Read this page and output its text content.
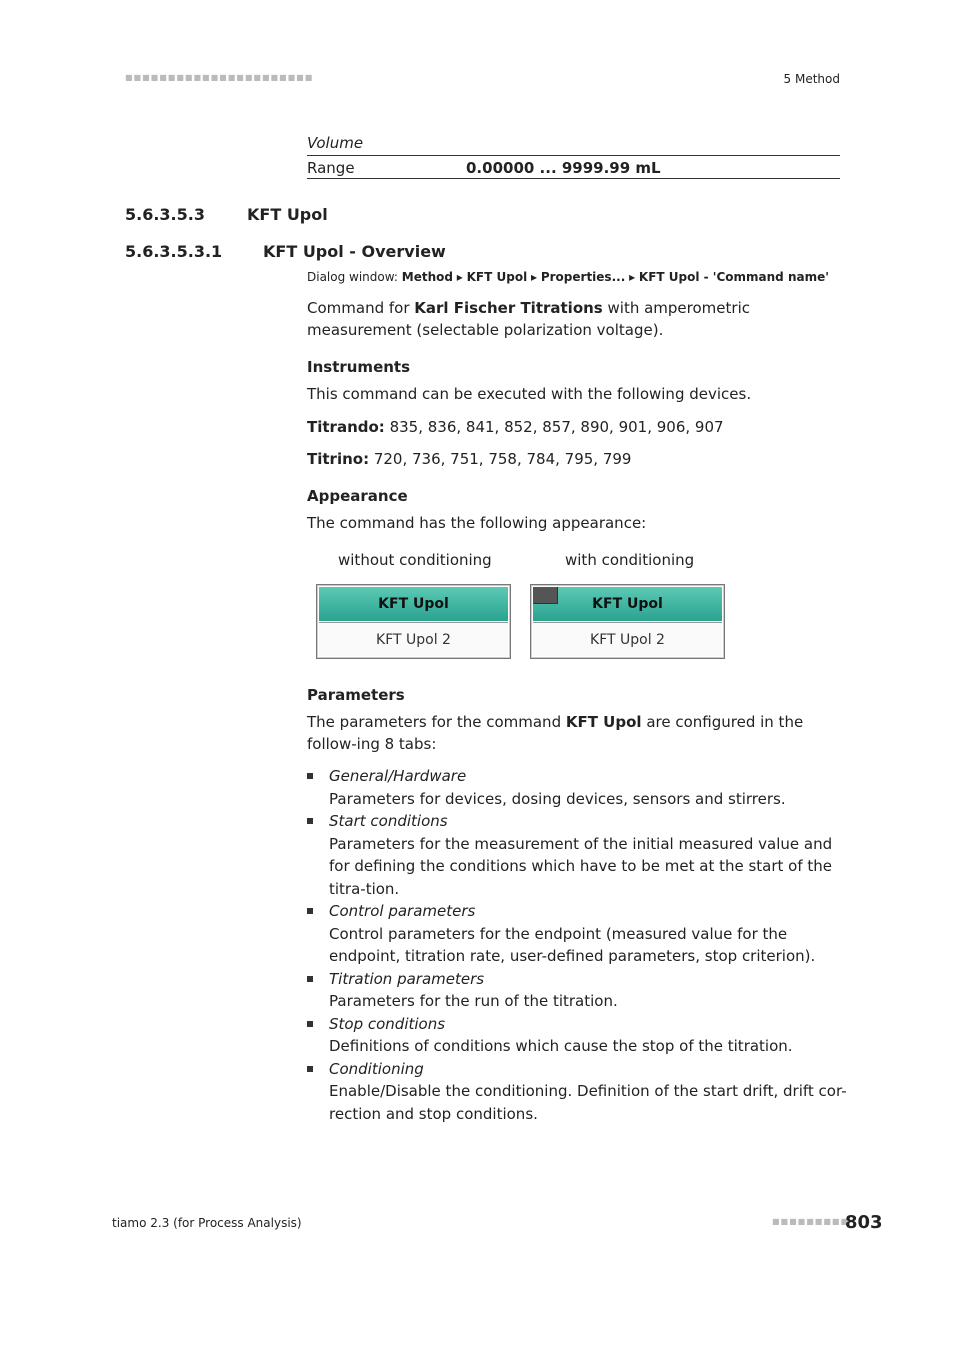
■■■■■■■■■■■■■■■■■■■■■■	5 Method
Volume
Range	0.00000 ... 9999.99 mL
5.6.3.5.3	KFT Upol
5.6.3.5.3.1	KFT Upol - Overview
Dialog window: Method ▸ KFT Upol ▸ Properties... ▸ KFT Upol - 'Command name'
Command for Karl Fischer Titrations with amperometric measurement (selectable polarization voltage).
Instruments
This command can be executed with the following devices.
Titrando: 835, 836, 841, 852, 857, 890, 901, 906, 907
Titrino: 720, 736, 751, 758, 784, 795, 799
Appearance
The command has the following appearance:
without conditioning	with conditioning
KFT Upol
KFT Upol 2
KFT Upol
KFT Upol 2
Parameters
The parameters for the command KFT Upol are configured in the follow-ing 8 tabs:
General/Hardware
Parameters for devices, dosing devices, sensors and stirrers.
Start conditions
Parameters for the measurement of the initial measured value and for defining the conditions which have to be met at the start of the titra-tion.
Control parameters
Control parameters for the endpoint (measured value for the endpoint, titration rate, user-defined parameters, stop criterion).
Titration parameters
Parameters for the run of the titration.
Stop conditions
Definitions of conditions which cause the stop of the titration.
Conditioning
Enable/Disable the conditioning. Definition of the start drift, drift cor-rection and stop conditions.
tiamo 2.3 (for Process Analysis)	■■■■■■■■■
803
